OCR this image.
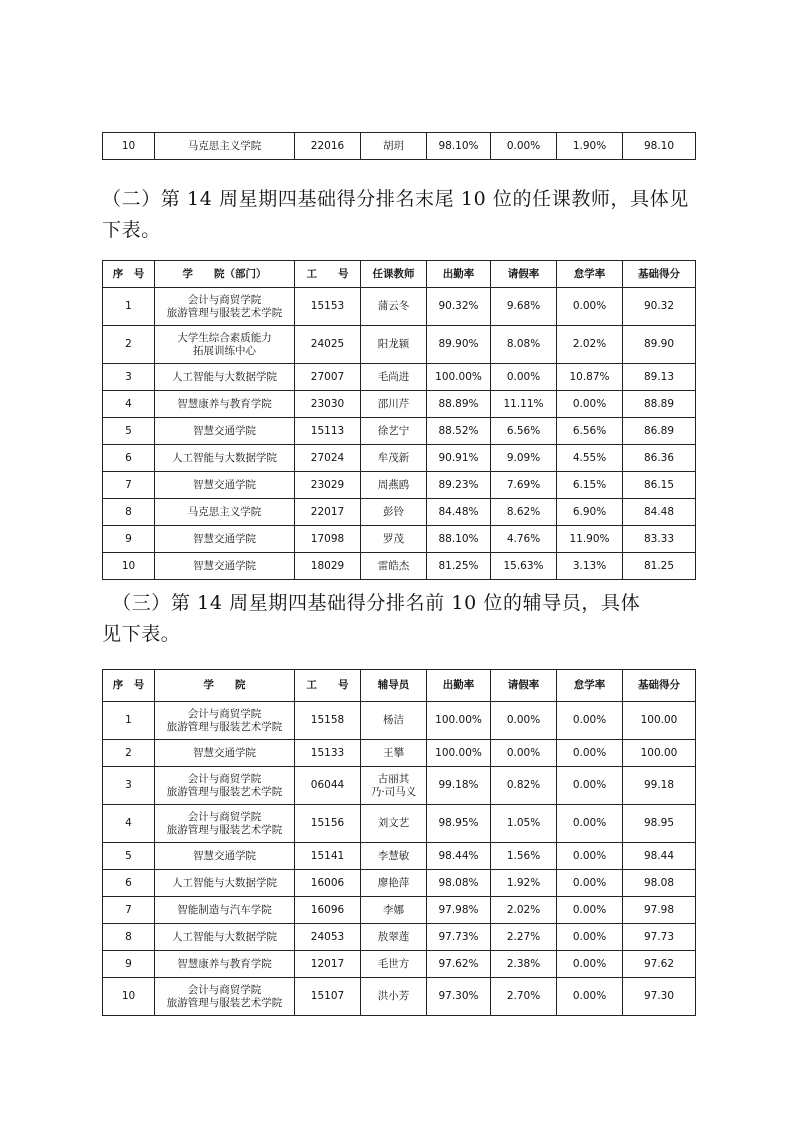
10	马克思主义学院	22016	胡玥	98.10%	0.00%	1.90%	98.10
（二）第 14 周星期四基础得分排名末尾 10 位的任课教师，具体见
下表。
序　号	学　　院（部门）	工　　号	任课教师	出勤率	请假率	怠学率	基础得分
1	会计与商贸学院
旅游管理与服装艺术学院	15153	蒲云冬	90.32%	9.68%	0.00%	90.32
2	大学生综合素质能力
拓展训练中心	24025	阳龙颍	89.90%	8.08%	2.02%	89.90
3	人工智能与大数据学院	27007	毛尚进	100.00%	0.00%	10.87%	89.13
4	智慧康养与教育学院	23030	邵川芹	88.89%	11.11%	0.00%	88.89
5	智慧交通学院	15113	徐艺宁	88.52%	6.56%	6.56%	86.89
6	人工智能与大数据学院	27024	牟茂新	90.91%	9.09%	4.55%	86.36
7	智慧交通学院	23029	周燕鸥	89.23%	7.69%	6.15%	86.15
8	马克思主义学院	22017	彭铃	84.48%	8.62%	6.90%	84.48
9	智慧交通学院	17098	罗茂	88.10%	4.76%	11.90%	83.33
10	智慧交通学院	18029	雷皓杰	81.25%	15.63%	3.13%	81.25
　（三）第 14 周星期四基础得分排名前 10 位的辅导员，具体
见下表。
序　号	学　　院	工　　号	辅导员	出勤率	请假率	怠学率	基础得分
1	会计与商贸学院
旅游管理与服装艺术学院	15158	杨洁	100.00%	0.00%	0.00%	100.00
2	智慧交通学院	15133	王攀	100.00%	0.00%	0.00%	100.00
3	会计与商贸学院
旅游管理与服装艺术学院	06044	古丽其
乃·司马义	99.18%	0.82%	0.00%	99.18
4	会计与商贸学院
旅游管理与服装艺术学院	15156	刘文艺	98.95%	1.05%	0.00%	98.95
5	智慧交通学院	15141	李慧敏	98.44%	1.56%	0.00%	98.44
6	人工智能与大数据学院	16006	廖艳萍	98.08%	1.92%	0.00%	98.08
7	智能制造与汽车学院	16096	李娜	97.98%	2.02%	0.00%	97.98
8	人工智能与大数据学院	24053	敖翠莲	97.73%	2.27%	0.00%	97.73
9	智慧康养与教育学院	12017	毛世方	97.62%	2.38%	0.00%	97.62
10	会计与商贸学院
旅游管理与服装艺术学院	15107	洪小芳	97.30%	2.70%	0.00%	97.30
